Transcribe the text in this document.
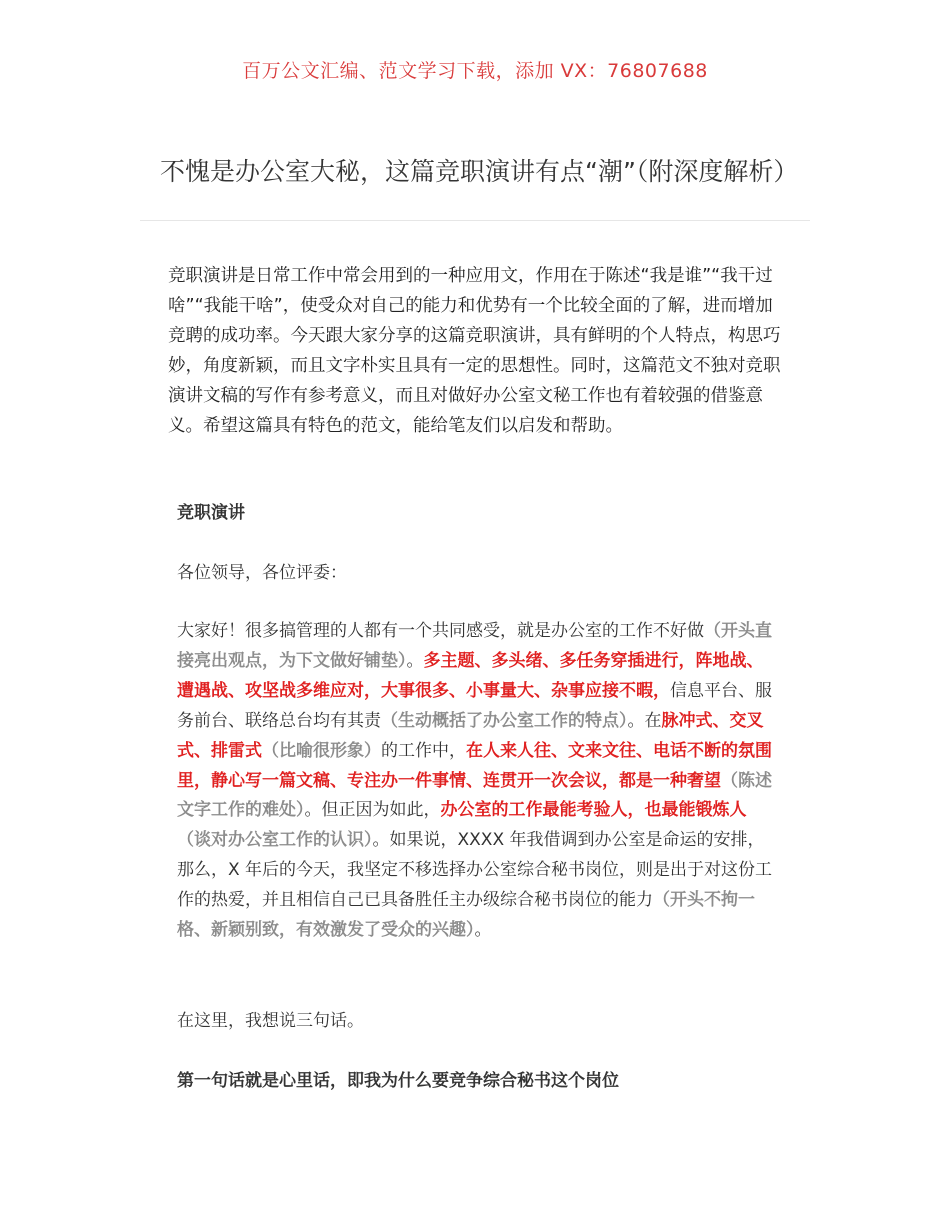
百万公文汇编、范文学习下载，添加 VX：76807688
不愧是办公室大秘，这篇竞职演讲有点“潮”（附深度解析）

竞职演讲是日常工作中常会用到的一种应用文，作用在于陈述“我是谁”“我干过啥”“我能干啥”，使受众对自己的能力和优势有一个比较全面的了解，进而增加竞聘的成功率。今天跟大家分享的这篇竞职演讲，具有鲜明的个人特点，构思巧妙，角度新颖，而且文字朴实且具有一定的思想性。同时，这篇范文不独对竞职演讲文稿的写作有参考意义，而且对做好办公室文秘工作也有着较强的借鉴意义。希望这篇具有特色的范文，能给笔友们以启发和帮助。

竞职演讲

各位领导，各位评委：

大家好！很多搞管理的人都有一个共同感受，就是办公室的工作不好做（开头直接亮出观点，为下文做好铺垫）。多主题、多头绪、多任务穿插进行，阵地战、遭遇战、攻坚战多维应对，大事很多、小事量大、杂事应接不暇，信息平台、服务前台、联络总台均有其责（生动概括了办公室工作的特点）。在脉冲式、交叉式、排雷式（比喻很形象）的工作中，在人来人往、文来文往、电话不断的氛围里，静心写一篇文稿、专注办一件事情、连贯开一次会议，都是一种奢望（陈述文字工作的难处）。但正因为如此，办公室的工作最能考验人，也最能锻炼人（谈对办公室工作的认识）。如果说，XXXX 年我借调到办公室是命运的安排，那么，X 年后的今天，我坚定不移选择办公室综合秘书岗位，则是出于对这份工作的热爱，并且相信自己已具备胜任主办级综合秘书岗位的能力（开头不拘一格、新颖别致，有效激发了受众的兴趣）。

在这里，我想说三句话。

第一句话就是心里话，即我为什么要竞争综合秘书这个岗位
